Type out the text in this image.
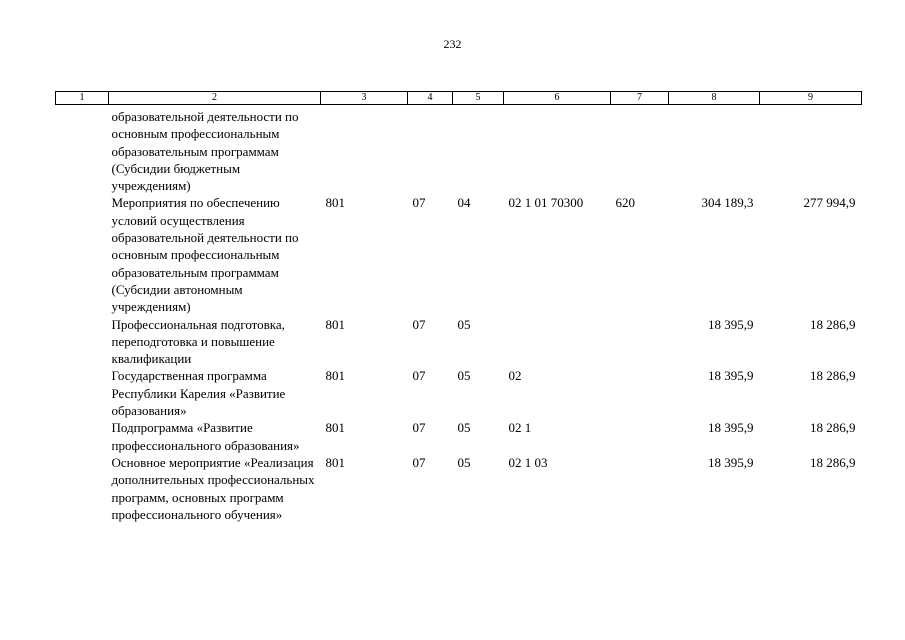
232
1	2	3	4	5	6	7	8	9
	образовательной деятельности по основным профессиональным образовательным программам (Субсидии бюджетным учреждениям)							
	Мероприятия по обеспечению условий осуществления образовательной деятельности по основным профессиональным образовательным программам (Субсидии автономным учреждениям)	801	07	04	02 1 01 70300	620	304 189,3	277 994,9
	Профессиональная подготовка, переподготовка и повышение квалификации	801	07	05			18 395,9	18 286,9
	Государственная программа Республики Карелия «Развитие образования»	801	07	05	02		18 395,9	18 286,9
	Подпрограмма «Развитие профессионального образования»	801	07	05	02 1		18 395,9	18 286,9
	Основное мероприятие «Реализация дополнительных профессиональных программ, основных программ профессионального обучения»	801	07	05	02 1 03		18 395,9	18 286,9
